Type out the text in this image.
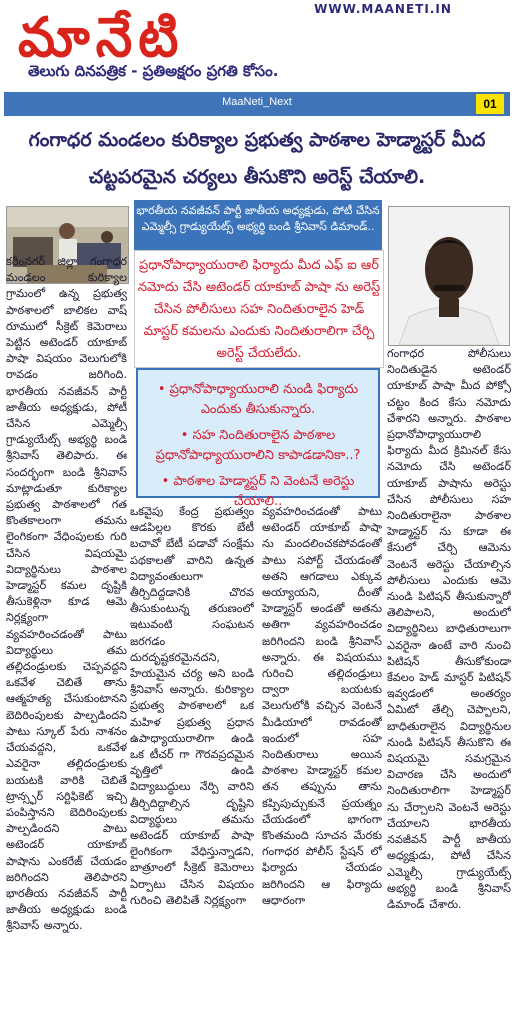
మానేటి	WWW.MAANETI.IN
తెలుగు దినపత్రిక - ప్రతిఅక్షరం ప్రగతి కోసం.
MaaNeti_Next	01
గంగాధర మండలం కురిక్యాల ప్రభుత్వ పాఠశాల హెడ్మాస్టర్ మీద చట్టపరమైన చర్యలు తీసుకొని అరెస్ట్ చేయాలి.
భారతీయ నవజీవన్ పార్టీ జాతీయ అధ్యక్షుడు, పోటీ చేసిన ఎమ్మెల్సీ గ్రాడ్యుయేట్స్ అభ్యర్థి బండి శ్రీనివాస్ డిమాండ్..
ప్రధానోపాధ్యాయురాలి ఫిర్యాదు మీద ఎఫ్ ఐ ఆర్ నమోదు చేసి అటెండర్ యాకూబ్ పాషా ను అరెస్ట్ చేసిన పోలీసులు సహ నిందితురాలైన హెడ్ మాస్టర్ కమలను ఎందుకు నిందితురాలిగా చేర్చి అరెస్ట్ చేయలేదు.
• ప్రధానోపాధ్యాయురాలి నుండి ఫిర్యాదు ఎందుకు తీసుకున్నారు.
• సహ నిందితురాలైన పాఠశాల ప్రధానోపాధ్యాయురాలిని కాపాడడానికా..?
• పాఠశాల హెడ్మాస్టర్ ని వెంటనే అరెస్టు చేయాలి..
కరీంనగర్ జిల్లా గంగాధర మండలం కురిక్యాల గ్రామంలో ఉన్న ప్రభుత్వ పాఠశాలలో బాలికల వాష్ రూములో సీక్రెట్ కెమెరాలు పెట్టిన అటెండర్ యాకూబ్ పాషా విషయం వెలుగులోకి రావడం జరిగింది. భారతీయ నవజీవన్ పార్టీ జాతీయ అధ్యక్షుడు, పోటీ చేసిన ఎమ్మెల్సీ గ్రాడ్యుయేట్స్ అభ్యర్థి బండి శ్రీనివాస్ తెలిపారు. ఈ సందర్భంగా బండి శ్రీనివాస్ మాట్లాడుతూ కురిక్యాల ప్రభుత్వ పాఠశాలలో గత కొంతకాలంగా తమను లైంగికంగా వేధింపులకు గురి చేసిన విషయమై విద్యార్థినులు పాఠశాల హెడ్మాస్టర్ కమల దృష్టికి తీసుకెళ్లినా కూడ ఆమె నిర్లక్ష్యంగా వ్యవహరించడంతో పాటు విద్యార్థులు తమ తల్లిదండ్రులకు చెప్పవద్దని ఒకవేళ చెబితే తాను ఆత్మహత్య చేసుకుంటానని బెదిరింపులకు పాల్పడిందని పాటు స్కూల్ పేరు నాశనం చేయవద్దని, ఒకవేళ ఎవరైనా తల్లిదండ్రులకు బయటకి వారికి చెబితే ట్రాన్స్ఫర్ సర్టిఫికెట్ ఇచ్చి పంపిస్తానని బెదిరింపులకు పాల్పడిందని పాటు అటెండర్ యాకూబ్ పాషాను ఎంకరేజ్ చేయడం జరిగిందని తెలిపారని భారతీయ నవజీవన్ పార్టీ జాతీయ అధ్యక్షుడు బండి శ్రీనివాస్ అన్నారు.
ఒకవైపు కేంద్ర ప్రభుత్వం ఆడపిల్లల కొరకు బేటీ బచావో బేటీ పడావో సంక్షేమ పథకాలతో వారిని ఉన్నత విద్యావంతులుగా తీర్చిదిద్దడానికి చొరవ తీసుకుంటున్న తరుణంలో ఇటువంటి సంఘటన జరగడం దురదృష్టకరమైనదని, హేయమైన చర్య అని బండి శ్రీనివాస్ అన్నారు. కురిక్యాల ప్రభుత్వ పాఠశాలలో ఒక మహిళ ప్రభుత్వ ప్రధాన ఉపాధ్యాయురాలిగా ఉండి ఒక టీచర్ గా గౌరవప్రదమైన వృత్తిలో ఉండి విద్యాబుద్ధులు నేర్పి వారిని తీర్చిదిద్దాల్సిన దృష్టిని విద్యార్థులు తమను అటెండర్ యాకూబ్ పాషా లైంగికంగా వేధిస్తున్నాడని, బాత్రూంలో సీక్రెట్ కెమెరాలు ఏర్పాటు చేసిన విషయం గురించి తెలిపితే నిర్లక్ష్యంగా
వ్యవహరించడంతో పాటు అటెండర్ యాకూబ్ పాషా ను మందలించకపోవడంతో పాటు సపోర్ట్ చేయడంతో అతని ఆగడాలు ఎక్కువ అయ్యాయని, దీంతో హెడ్మాస్టర్ అండతో అతను అతిగా వ్యవహరించడం జరిగిందని బండి శ్రీనివాస్ అన్నారు. ఈ విషయము గురించి తల్లిదండ్రులు ద్వారా బయటకు వెలుగులోకి వచ్చిన వెంటనే మీడియాలో రావడంతో ఇందులో సహ నిందితురాలు అయిన పాఠశాల హెడ్మాస్టర్ కమల తన తప్పును తాను కప్పిపుచ్చుకునే ప్రయత్నం చేయడంలో భాగంగా కొంతమంది సూచన మేరకు గంగాధర పోలీస్ స్టేషన్ లో ఫిర్యాదు చేయడం జరిగిందని ఆ ఫిర్యాదు ఆధారంగా
గంగాధర పోలీసులు నిందితుడైన అటెండర్ యాకూబ్ పాషా మీద పోక్సో చట్టం కింద కేసు నమోదు చేశారని అన్నారు. పాఠశాల ప్రధానోపాధ్యాయురాలి ఫిర్యాదు మీద క్రిమినల్ కేసు నమోదు చేసి అటెండర్ యాకూబ్ పాషాను అరెస్టు చేసిన పోలీసులు సహ నిందితురాలైనా పాఠశాల హెడ్మాస్టర్ ను కూడా ఈ కేసులో చేర్చి ఆమెను వెంటనే అరెస్టు చేయాల్సిన పోలీసులు ఎందుకు ఆమె నుండి పిటిషన్ తీసుకున్నారో తెలిపాలని, అందులో విద్యార్థినిలు బాధితురాలుగా ఎవరైనా ఉంటే వారి నుంచి పిటిషన్ తీసుకోకుండా కేవలం హెడ్ మాస్టర్ పిటిషన్ ఇవ్వడంలో అంతర్యం ఏమిటో తేల్చి చెప్పాలని, బాధితురాలైన విద్యార్థినుల నుండి పిటిషన్ తీసుకొని ఈ విషయమై సమగ్రమైన విచారణ చేసి అందులో నిందితురాలిగా హెడ్మాస్టర్ ను చేర్చాలని వెంటనే అరెస్టు చేయాలని భారతీయ నవజీవన్ పార్టీ జాతీయ అధ్యక్షుడు, పోటీ చేసిన ఎమ్మెల్సీ గ్రాడ్యుయేట్స్ అభ్యర్థి బండి శ్రీనివాస్ డిమాండ్ చేశారు.
